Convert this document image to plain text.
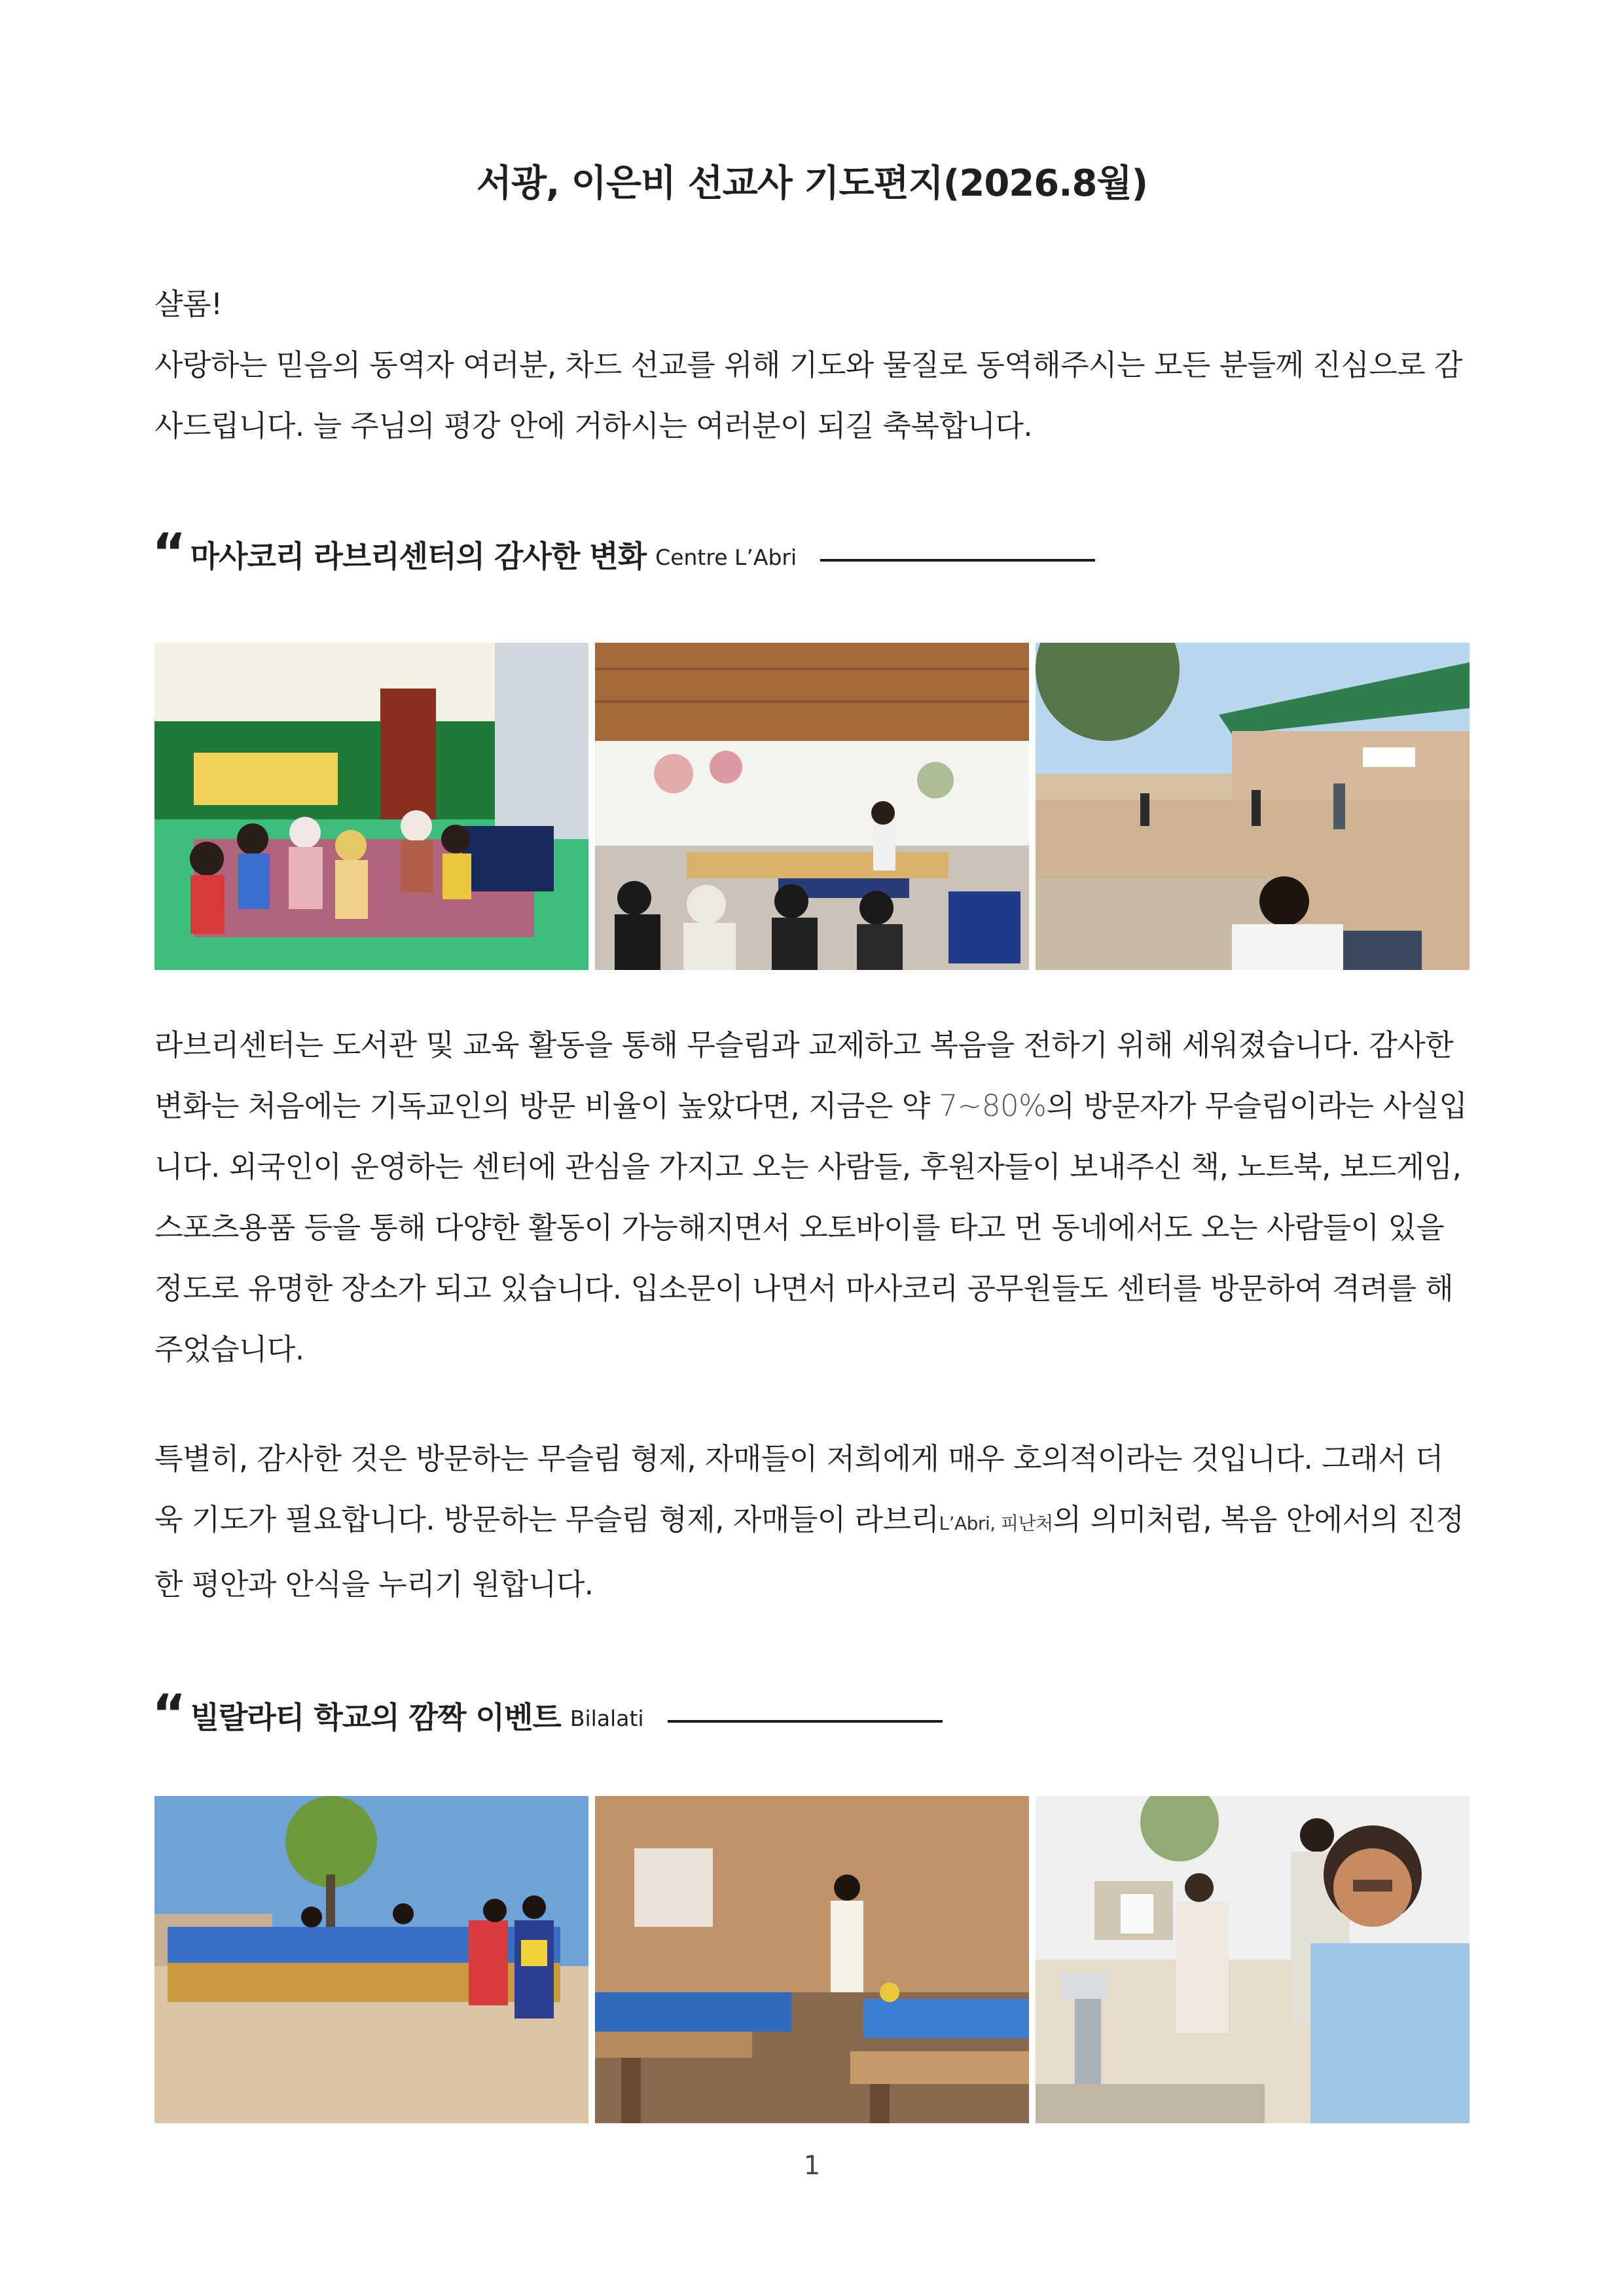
서광, 이은비 선교사 기도편지(2026.8월)

샬롬!

사랑하는 믿음의 동역자 여러분, 차드 선교를 위해 기도와 물질로 동역해주시는 모든 분들께 진심으로 감사드립니다. 늘 주님의 평강 안에 거하시는 여러분이 되길 축복합니다.

“ 마사코리 라브리센터의 감사한 변화 Centre L’Abri

라브리센터는 도서관 및 교육 활동을 통해 무슬림과 교제하고 복음을 전하기 위해 세워졌습니다. 감사한 변화는 처음에는 기독교인의 방문 비율이 높았다면, 지금은 약 7~80%의 방문자가 무슬림이라는 사실입니다. 외국인이 운영하는 센터에 관심을 가지고 오는 사람들, 후원자들이 보내주신 책, 노트북, 보드게임, 스포츠용품 등을 통해 다양한 활동이 가능해지면서 오토바이를 타고 먼 동네에서도 오는 사람들이 있을 정도로 유명한 장소가 되고 있습니다. 입소문이 나면서 마사코리 공무원들도 센터를 방문하여 격려를 해주었습니다.

특별히, 감사한 것은 방문하는 무슬림 형제, 자매들이 저희에게 매우 호의적이라는 것입니다. 그래서 더욱 기도가 필요합니다. 방문하는 무슬림 형제, 자매들이 라브리L’Abri, 피난처의 의미처럼, 복음 안에서의 진정한 평안과 안식을 누리기 원합니다.

“ 빌랄라티 학교의 깜짝 이벤트 Bilalati
1
